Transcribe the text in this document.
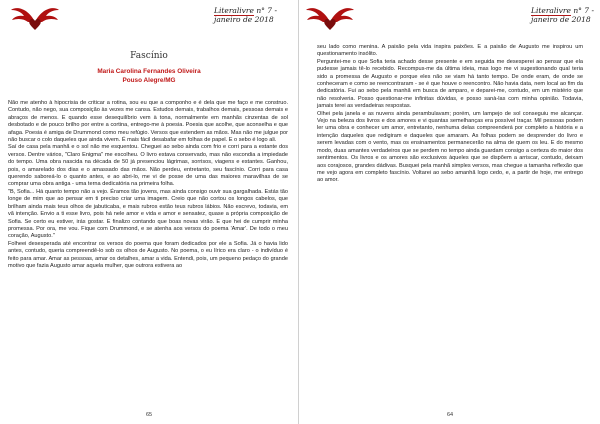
Literalivre n° 7 - janeiro de 2018
Fascínio
Maria Carolina Fernandes Oliveira
Pouso Alegre/MG

Não me atenho à hipocrisia de criticar a rotina, sou eu que a componho e é dela que me faço e me construo. Contudo, não nego, sua composição às vezes me cansa. Estudos demais, trabalhos demais, pessoas demais e abraços de menos. E quando esse desequilíbrio vem à tona, normalmente em manhãs cinzentas de sol desbotado e de pouco brilho por entre a cortina, entrego-me à poesia. Poesia que acolhe, que aconselha e que afaga. Poesia é amiga de Drummond como meu refúgio. Versos que estendem as mãos. Mas não me julgue por não buscar o colo daqueles que ainda vivem. É mais fácil desabafar em folhas de papel. E o sebo é logo ali.

Saí de casa pela manhã e o sol não me esquentou. Cheguei ao sebo ainda com frio e corri para a estante dos versos. Dentre vários, "Claro Enigma" me escolheu. O livro estava conservado, mas não escondia a impiedade do tempo. Uma obra nascida na década de 50 já presenciou lágrimas, sorrisos, viagens e estantes. Ganhou, pois, o amarelado dos dias e o amassado das mãos. Não perdeu, entretanto, seu fascínio. Corri para casa querendo saboreá-lo o quanto antes, e ao abri-lo, me vi de posse de uma das maiores maravilhas de se comprar uma obra antiga - uma terna dedicatória na primeira folha.

"B, Sofia... Há quanto tempo não a vejo. Éramos tão jovens, mas ainda consigo ouvir sua gargalhada. Estás tão longe de mim que ao pensar em ti preciso criar uma imagem. Creio que não cortou os longos cabelos, que brilham ainda mais teus olhos de jabuticaba, e mais rubros estão teus rubros lábios. Não escrevo, todavia, em vã intenção. Envio a ti esse livro, pois há nele amor e vida e amor e sensatez, quase a própria composição de Sofia. Se certo eu estiver, irás gostar. E finalizo contando que boas novas virão. E que hei de cumprir minha promessa. Por ora, me vou. Fique com Drummond, e se atenha aos versos do poema 'Amar'. De todo o meu coração, Augusto."

Folheei desesperada até encontrar os versos do poema que foram dedicados por ele a Sofia. Já o havia lido antes, contudo, queria compreendê-lo sob os olhos de Augusto. No poema, o eu lírico era claro - o indivíduo é feito para amar. Amar as pessoas, amar os detalhes, amar a vida. Entendi, pois, um pequeno pedaço do grande motivo que fazia Augusto amar aquela mulher, que outrora estivera ao

65
Literalivre n° 7 - janeiro de 2018

seu lado como menina. A paixão pela vida inspira paixões. E a paixão de Augusto me inspirou um questionamento insólito.

Perguntei-me o que Sofia teria achado desse presente e em seguida me desesperei ao pensar que ela pudesse jamais tê-lo recebido. Recompus-me da última ideia, mas logo me vi sugestionando qual teria sido a promessa de Augusto e porque eles não se viam há tanto tempo. De onde eram, de onde se conheceram e como se reencontraram - se é que houve o reencontro. Não havia data, nem local ao fim da dedicatória. Fui ao sebo pela manhã em busca de amparo, e deparei-me, contudo, em um mistério que não resolveria. Posso questionar-me infinitas dúvidas, e posso sanà-las com minha opinião. Todavia, jamais terei as verdadeiras respostas.

Olhei pela janela e as nuvens ainda perambulavam; porém, um lampejo de sol conseguiu me alcançar. Vejo na beleza dos livros e dos amores e vi quantas semelhanças era possível traçar. Mil pessoas podem ler uma obra e conhecer um amor, entretanto, nenhuma delas compreenderá por completo a história e a intenção daqueles que redigiram e daqueles que amaram. As folhas podem se desprender do livro e serem levadas com o vento, mas os ensinamentos permanecerão na alma de quem os leu. E do mesmo modo, duas amantes verdadeiros que se perdem no tempo ainda guardam consigo a certeza do maior dos sentimentos. Os livros e os amores são exclusivos àqueles que se dispõem a arriscar, contudo, deixam aos corajosos, grandes dádivas. Busquei pela manhã simples versos, mas chegue a tamanha reflexão que me vejo agora em completo fascínio. Voltarei ao sebo amanhã logo cedo, e, a partir de hoje, me entrego ao amor.

64
